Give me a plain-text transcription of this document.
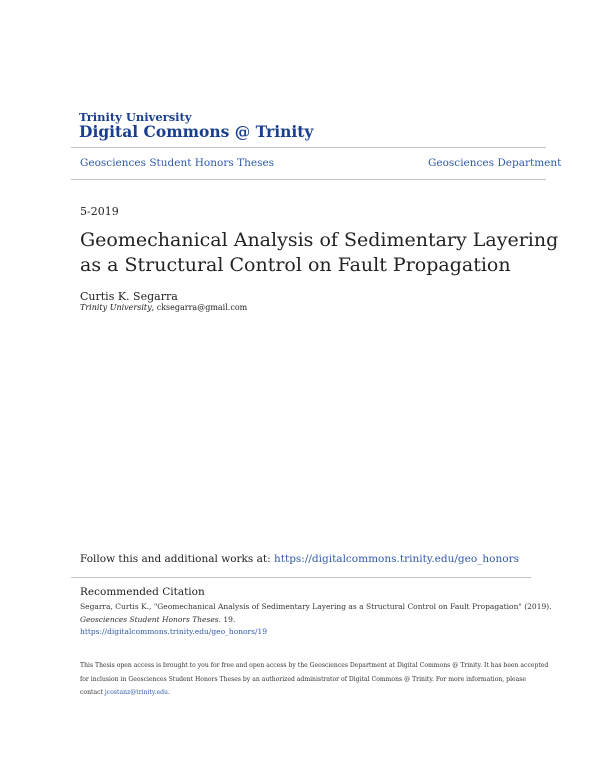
Trinity University
Digital Commons @ Trinity
Geosciences Student Honors Theses	Geosciences Department
5-2019
Geomechanical Analysis of Sedimentary Layering
as a Structural Control on Fault Propagation
Curtis K. Segarra
Trinity University, cksegarra@gmail.com
Follow this and additional works at: https://digitalcommons.trinity.edu/geo_honors
Recommended Citation
Segarra, Curtis K., "Geomechanical Analysis of Sedimentary Layering as a Structural Control on Fault Propagation" (2019).
Geosciences Student Honors Theses. 19.
https://digitalcommons.trinity.edu/geo_honors/19
This Thesis open access is brought to you for free and open access by the Geosciences Department at Digital Commons @ Trinity. It has been accepted
for inclusion in Geosciences Student Honors Theses by an authorized administrator of Digital Commons @ Trinity. For more information, please
contact jcostanz@trinity.edu.
